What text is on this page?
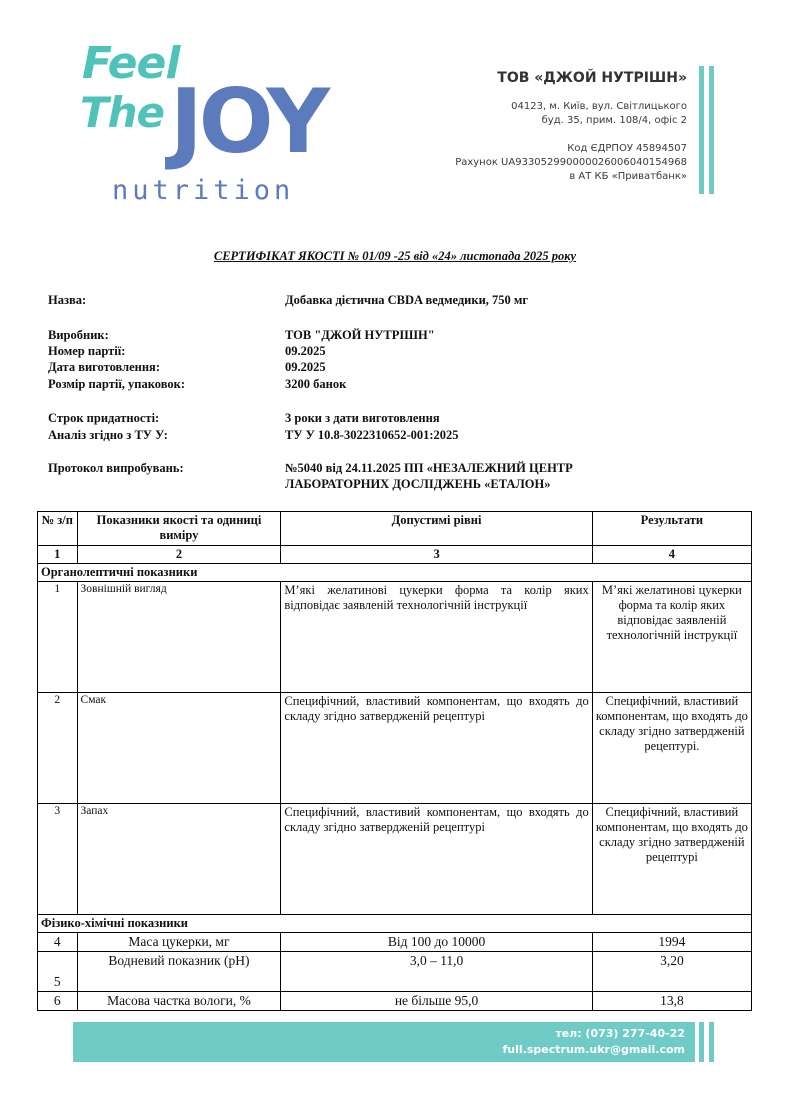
Feel
The JOY
nutrition
ТОВ «ДЖОЙ НУТРІШН»
04123, м. Київ, вул. Світлицького
буд. 35, прим. 108/4, офіс 2
Код ЄДРПОУ 45894507
Рахунок UA933052990000026006040154968
в АТ КБ «Приватбанк»
СЕРТИФІКАТ ЯКОСТІ № 01/09 -25 від «24» листопада 2025 року
Назва:	Добавка дієтична CBDA ведмедики, 750 мг
Виробник:	ТОВ "ДЖОЙ НУТРІШН"
Номер партії:	09.2025
Дата виготовлення:	09.2025
Розмір партії, упаковок:	3200 банок
Строк придатності:	3 роки з дати виготовлення
Аналіз згідно з ТУ У:	ТУ У 10.8-3022310652-001:2025
Протокол випробувань:	№5040 від 24.11.2025 ПП «НЕЗАЛЕЖНИЙ ЦЕНТР
ЛАБОРАТОРНИХ ДОСЛІДЖЕНЬ «ЕТАЛОН»
№ з/п	Показники якості та одиниці виміру	Допустимі рівні	Результати
1	2	3	4
Органолептичні показники			
1	Зовнішній вигляд	М’які желатинові цукерки форма та колір яких відповідає заявленій технологічній інструкції	М’які желатинові цукерки форма та колір яких відповідає заявленій технологічній інструкції
2	Смак	Специфічний, властивий компонентам, що входять до складу згідно затвердженій рецептурі	Специфічний, властивий компонентам, що входять до складу згідно затвердженій рецептурі.
3	Запах	Специфічний, властивий компонентам, що входять до складу згідно затвердженій рецептурі	Специфічний, властивий компонентам, що входять до складу згідно затвердженій рецептурі
Фізико-хімічні показники			
4	Маса цукерки, мг	Від 100 до 10000	1994
5	Водневий показник (pH)	3,0 – 11,0	3,20
6	Масова частка вологи, %	не більше 95,0	13,8
тел: (073) 277-40-22
full.spectrum.ukr@gmail.com
